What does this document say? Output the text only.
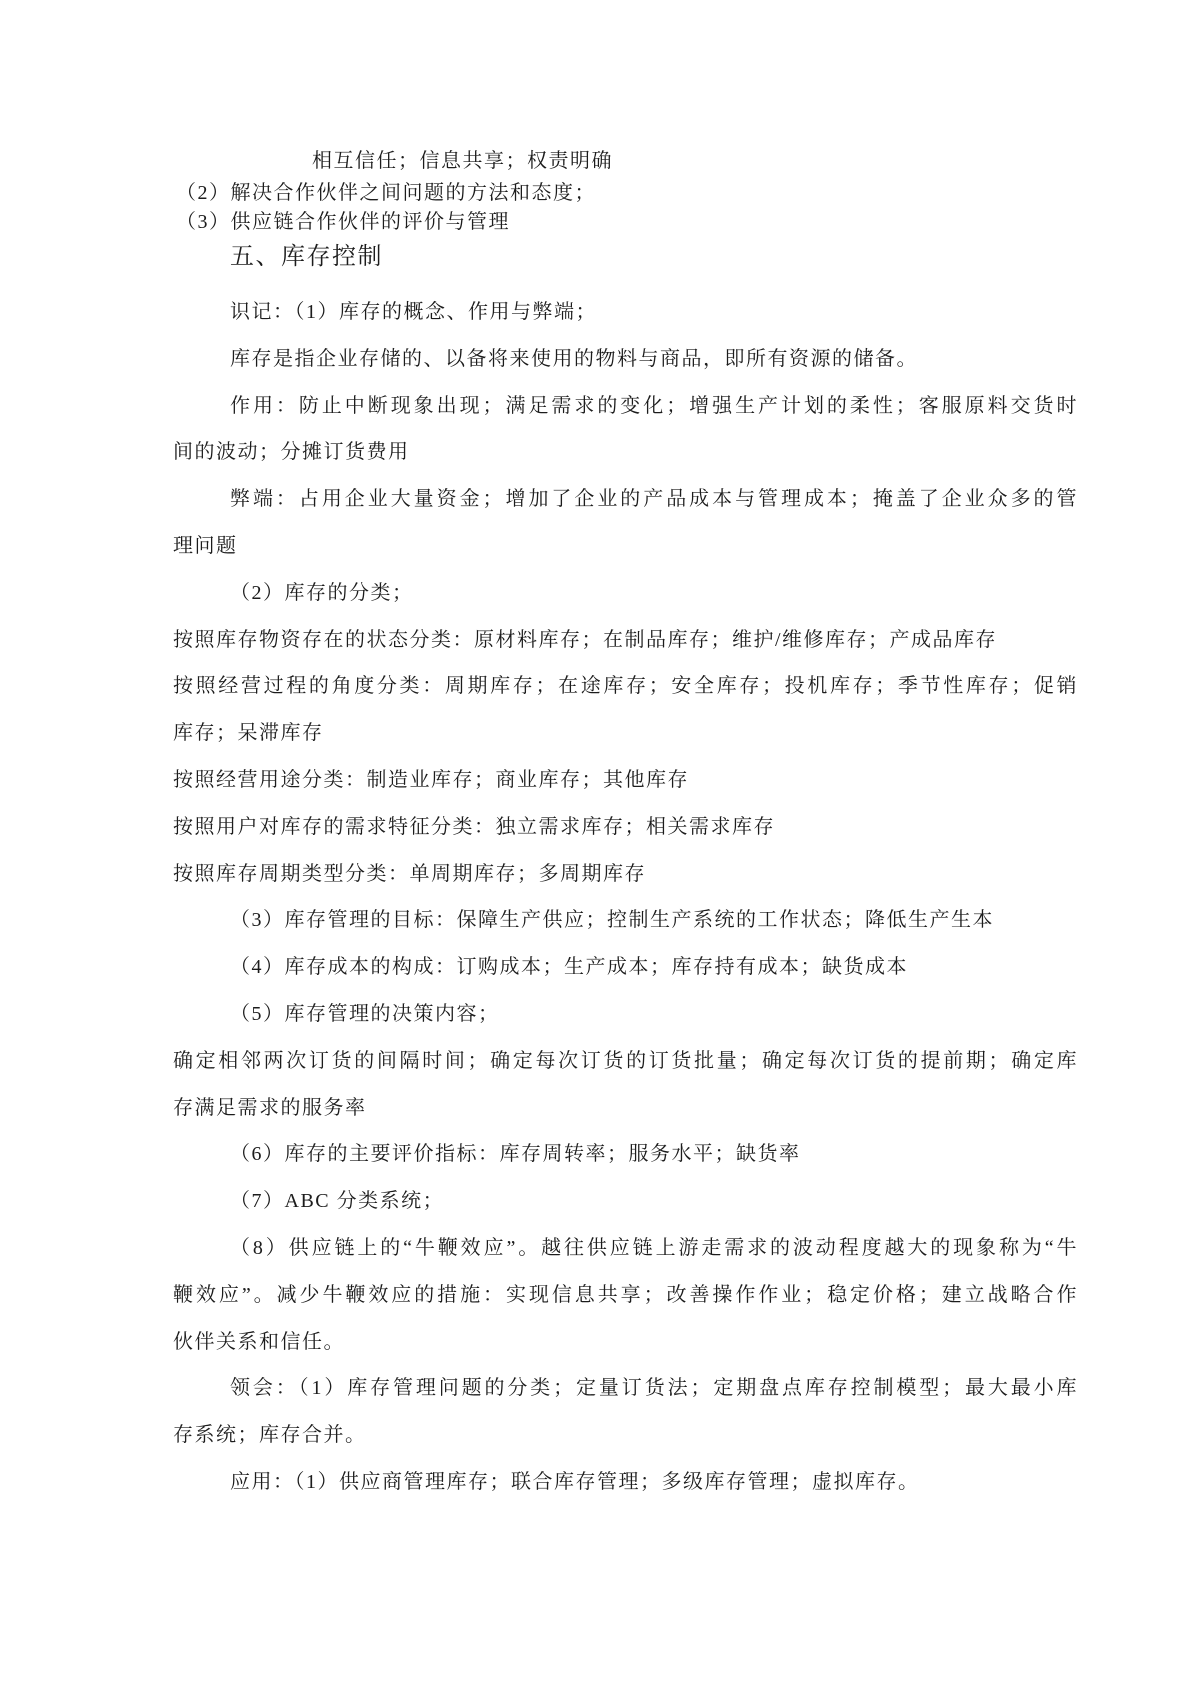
相互信任；信息共享；权责明确
（2）解决合作伙伴之间问题的方法和态度；
（3）供应链合作伙伴的评价与管理
五、库存控制
识记：（1）库存的概念、作用与弊端；
库存是指企业存储的、以备将来使用的物料与商品，即所有资源的储备。
作用：防止中断现象出现；满足需求的变化；增强生产计划的柔性；客服原料交货时
间的波动；分摊订货费用
弊端：占用企业大量资金；增加了企业的产品成本与管理成本；掩盖了企业众多的管
理问题
（2）库存的分类；
按照库存物资存在的状态分类：原材料库存；在制品库存；维护/维修库存；产成品库存
按照经营过程的角度分类：周期库存；在途库存；安全库存；投机库存；季节性库存；促销
库存；呆滞库存
按照经营用途分类：制造业库存；商业库存；其他库存
按照用户对库存的需求特征分类：独立需求库存；相关需求库存
按照库存周期类型分类：单周期库存；多周期库存
（3）库存管理的目标：保障生产供应；控制生产系统的工作状态；降低生产生本
（4）库存成本的构成：订购成本；生产成本；库存持有成本；缺货成本
（5）库存管理的决策内容；
确定相邻两次订货的间隔时间；确定每次订货的订货批量；确定每次订货的提前期；确定库
存满足需求的服务率
（6）库存的主要评价指标：库存周转率；服务水平；缺货率
（7）ABC 分类系统；
（8）供应链上的“牛鞭效应”。越往供应链上游走需求的波动程度越大的现象称为“牛
鞭效应”。减少牛鞭效应的措施：实现信息共享；改善操作作业；稳定价格；建立战略合作
伙伴关系和信任。
领会：（1）库存管理问题的分类；定量订货法；定期盘点库存控制模型；最大最小库
存系统；库存合并。
应用：（1）供应商管理库存；联合库存管理；多级库存管理；虚拟库存。
